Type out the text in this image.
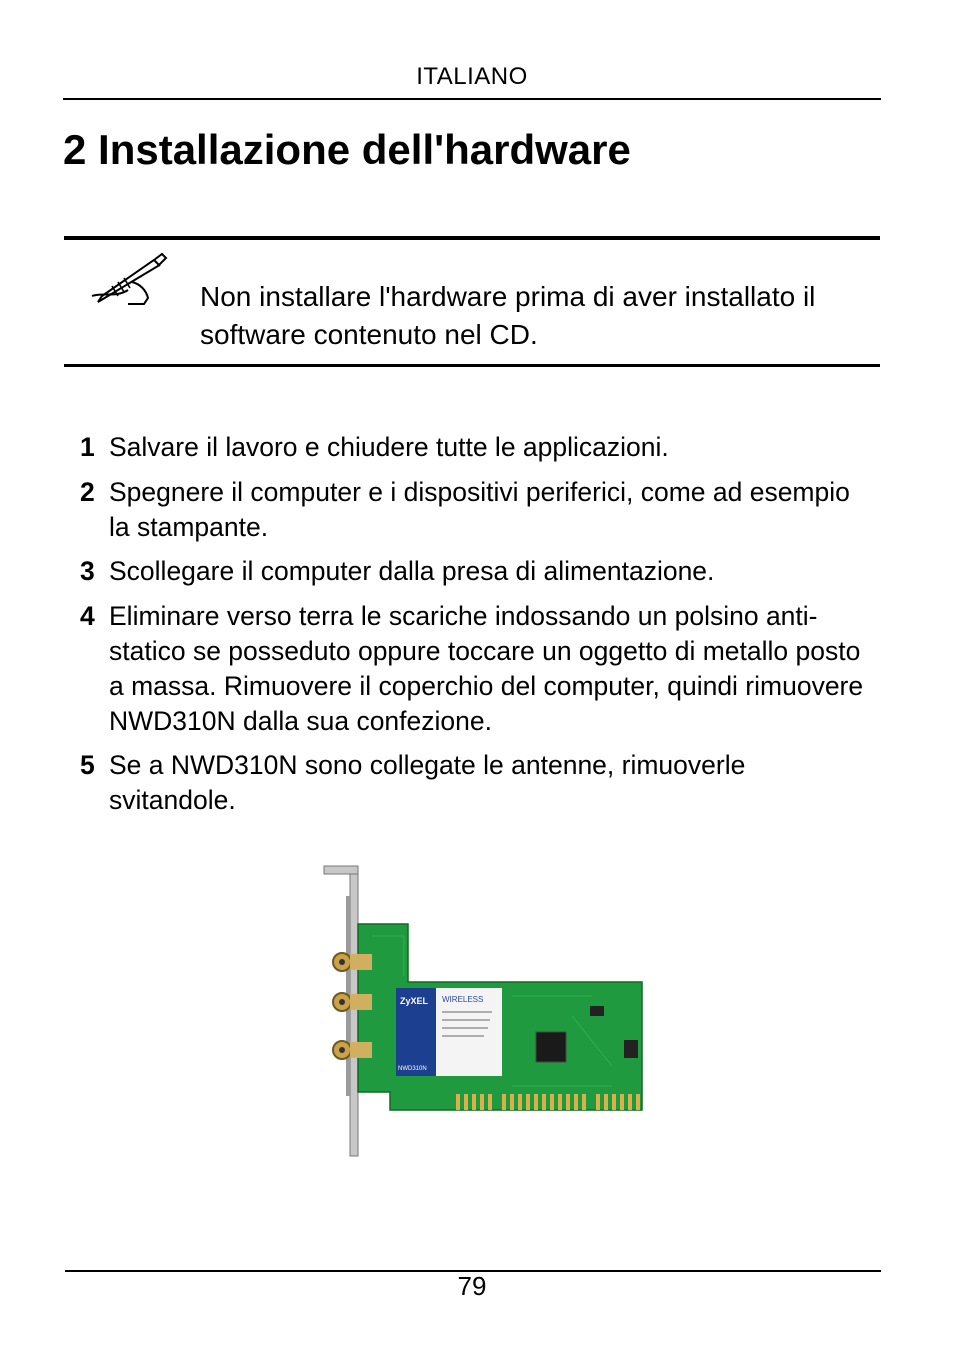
ITALIANO
2 Installazione dell'hardware
Non installare l'hardware prima di aver installato il software contenuto nel CD.
1 Salvare il lavoro e chiudere tutte le applicazioni.
2 Spegnere il computer e i dispositivi periferici, come ad esempio la stampante.
3 Scollegare il computer dalla presa di alimentazione.
4 Eliminare verso terra le scariche indossando un polsino anti-statico se posseduto oppure toccare un oggetto di metallo posto a massa. Rimuovere il coperchio del computer, quindi rimuovere NWD310N dalla sua confezione.
5 Se a NWD310N sono collegate le antenne, rimuoverle svitandole.
ZyXEL
NWD310N
WIRELESS
79
